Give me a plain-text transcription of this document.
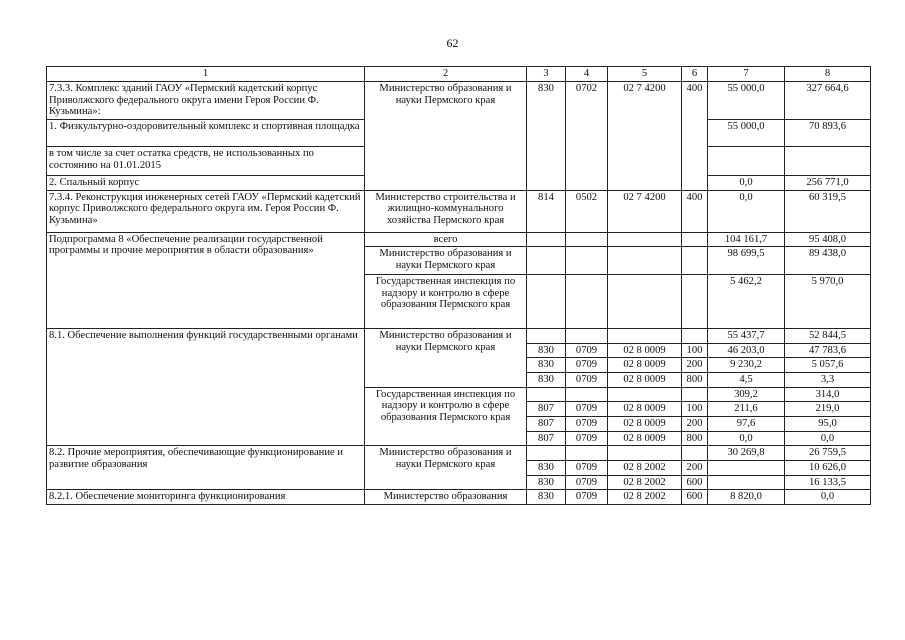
62
1	2	3	4	5	6	7	8
7.3.3. Комплекс зданий ГАОУ «Пермский кадетский корпус Приволжского федерального округа имени Героя России Ф. Кузьмина»:	Министерство образования и науки Пермского края	830	0702	02 7 4200	400	55 000,0	327 664,6
1. Физкультурно-оздоровительный комплекс и спортивная площадка						55 000,0	70 893,6
в том числе за счет остатка средств, не использованных по состоянию на 01.01.2015							
2. Спальный корпус						0,0	256 771,0
7.3.4. Реконструкция инженерных сетей ГАОУ «Пермский кадетский корпус Приволжского федерального округа им. Героя России Ф. Кузьмина»	Министерство строительства и жилищно-коммунального хозяйства Пермского края	814	0502	02 7 4200	400	0,0	60 319,5
Подпрограмма 8 «Обеспечение реализации государственной программы и прочие мероприятия в области образования»	всего					104 161,7	95 408,0
	Министерство образования и науки Пермского края					98 699,5	89 438,0
	Государственная инспекция по надзору и контролю в сфере образования Пермского края					5 462,2	5 970,0
8.1. Обеспечение выполнения функций государственными органами	Министерство образования и науки Пермского края					55 437,7	52 844,5
		830	0709	02 8 0009	100	46 203,0	47 783,6
		830	0709	02 8 0009	200	9 230,2	5 057,6
		830	0709	02 8 0009	800	4,5	3,3
	Государственная инспекция по надзору и контролю в сфере образования Пермского края					309,2	314,0
		807	0709	02 8 0009	100	211,6	219,0
		807	0709	02 8 0009	200	97,6	95,0
		807	0709	02 8 0009	800	0,0	0,0
8.2. Прочие мероприятия, обеспечивающие функционирование и развитие образования	Министерство образования и науки Пермского края					30 269,8	26 759,5
		830	0709	02 8 2002	200		10 626,0
		830	0709	02 8 2002	600		16 133,5
8.2.1. Обеспечение мониторинга функционирования	Министерство образования	830	0709	02 8 2002	600	8 820,0	0,0
